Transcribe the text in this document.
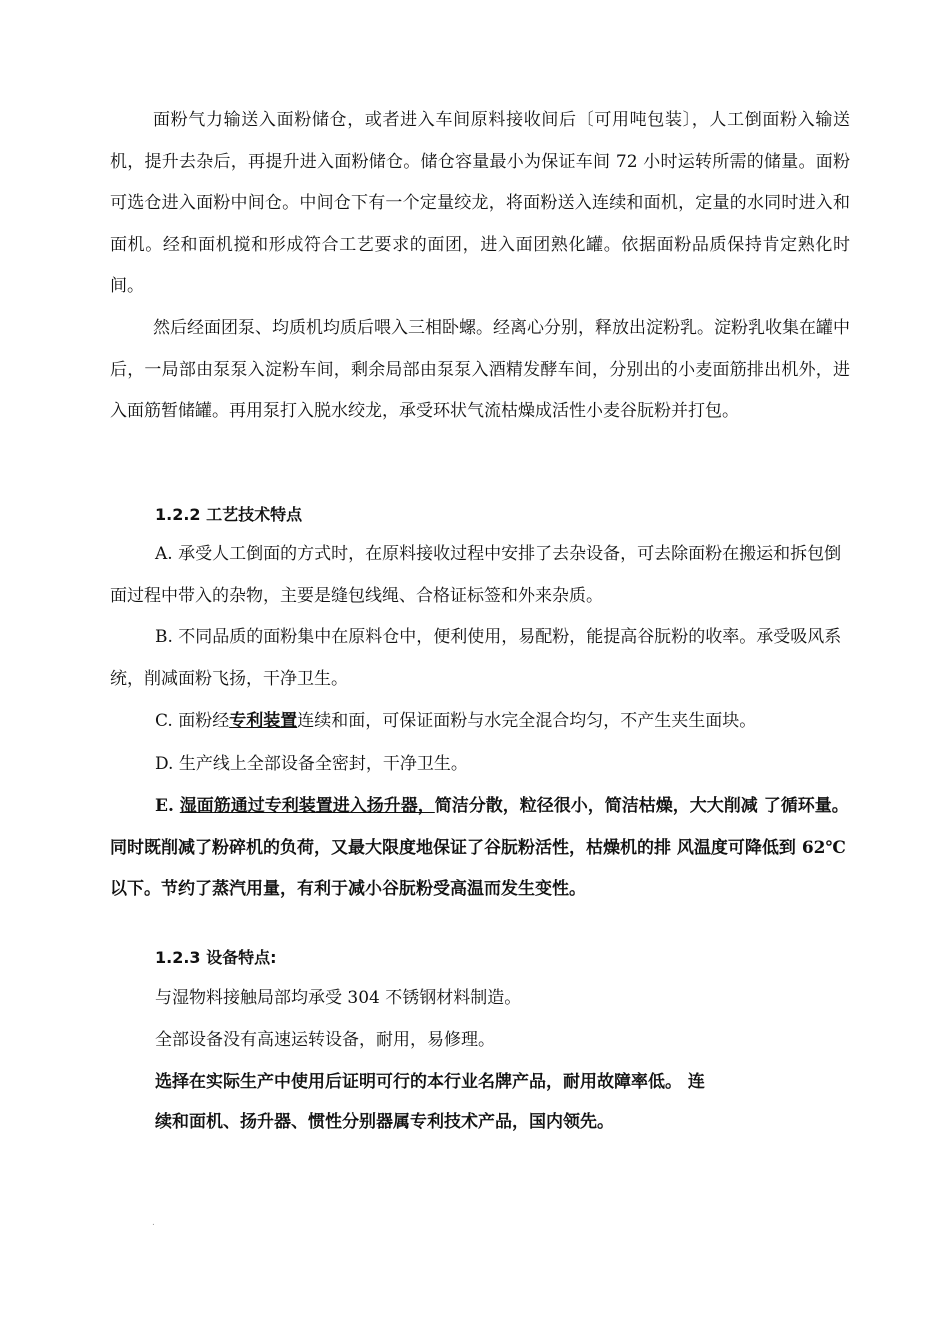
面粉气力输送入面粉储仓，或者进入车间原料接收间后〔可用吨包装〕，人工倒面粉入输送机，提升去杂后，再提升进入面粉储仓。储仓容量最小为保证车间 72 小时运转所需的储量。面粉可选仓进入面粉中间仓。中间仓下有一个定量绞龙，将面粉送入连续和面机，定量的水同时进入和面机。经和面机搅和形成符合工艺要求的面团，进入面团熟化罐。依据面粉品质保持肯定熟化时间。

然后经面团泵、均质机均质后喂入三相卧螺。经离心分别，释放出淀粉乳。淀粉乳收集在罐中后，一局部由泵泵入淀粉车间，剩余局部由泵泵入酒精发酵车间，分别出的小麦面筋排出机外，进入面筋暂储罐。再用泵打入脱水绞龙，承受环状气流枯燥成活性小麦谷朊粉并打包。

1.2.2 工艺技术特点

A. 承受人工倒面的方式时，在原料接收过程中安排了去杂设备，可去除面粉在搬运和拆包倒面过程中带入的杂物，主要是缝包线绳、合格证标签和外来杂质。

B. 不同品质的面粉集中在原料仓中，便利使用，易配粉，能提高谷朊粉的收率。承受吸风系统，削减面粉飞扬，干净卫生。

C. 面粉经专利装置连续和面，可保证面粉与水完全混合均匀，不产生夹生面块。

D. 生产线上全部设备全密封，干净卫生。

E. 湿面筋通过专利装置进入扬升器，简洁分散，粒径很小，简洁枯燥，大大削减 了循环量。同时既削减了粉碎机的负荷，又最大限度地保证了谷朊粉活性，枯燥机的排 风温度可降低到 62℃以下。节约了蒸汽用量，有利于减小谷朊粉受高温而发生变性。

1.2.3 设备特点:

与湿物料接触局部均承受 304 不锈钢材料制造。

全部设备没有高速运转设备，耐用，易修理。

选择在实际生产中使用后证明可行的本行业名牌产品，耐用故障率低。 连

续和面机、扬升器、惯性分别器属专利技术产品，国内领先。

.
